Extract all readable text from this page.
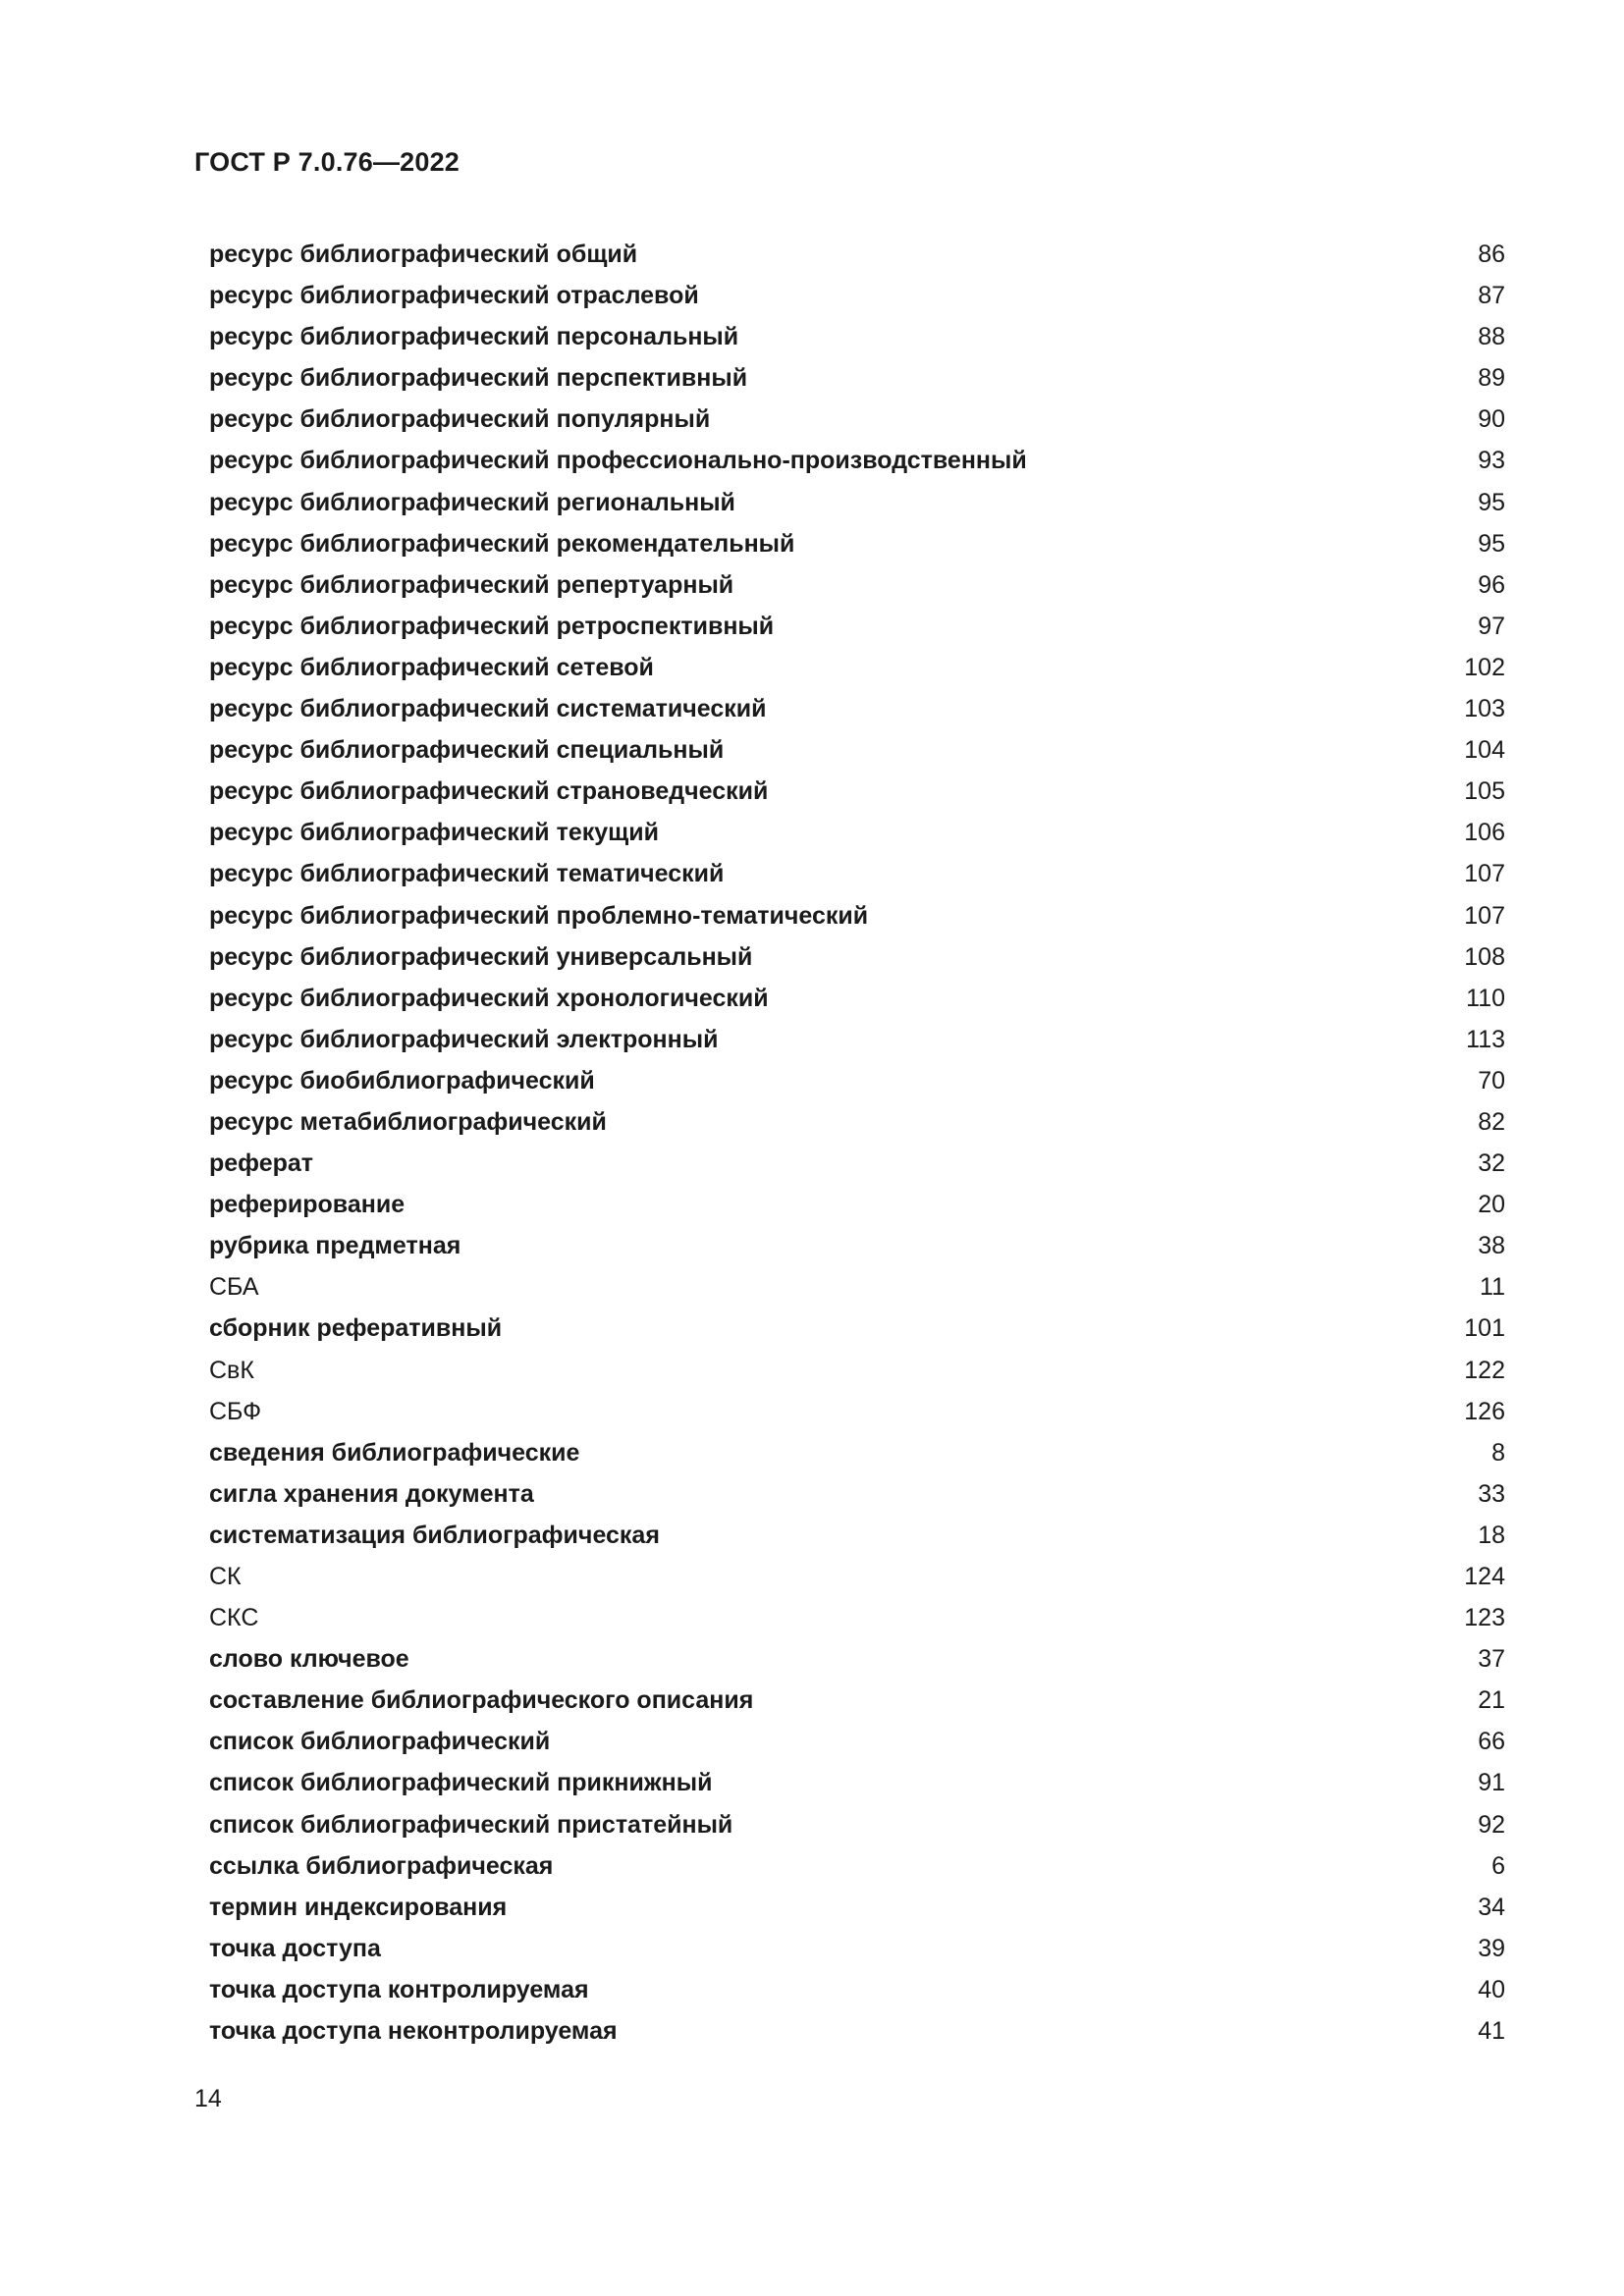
ГОСТ Р 7.0.76—2022
ресурс библиографический общий	86
ресурс библиографический отраслевой	87
ресурс библиографический персональный	88
ресурс библиографический перспективный	89
ресурс библиографический популярный	90
ресурс библиографический профессионально-производственный	93
ресурс библиографический региональный	95
ресурс библиографический рекомендательный	95
ресурс библиографический репертуарный	96
ресурс библиографический ретроспективный	97
ресурс библиографический сетевой	102
ресурс библиографический систематический	103
ресурс библиографический специальный	104
ресурс библиографический страноведческий	105
ресурс библиографический текущий	106
ресурс библиографический тематический	107
ресурс библиографический проблемно-тематический	107
ресурс библиографический универсальный	108
ресурс библиографический хронологический	110
ресурс библиографический электронный	113
ресурс биобиблиографический	70
ресурс метабиблиографический	82
реферат	32
реферирование	20
рубрика предметная	38
СБА	11
сборник реферативный	101
СвК	122
СБФ	126
сведения библиографические	8
сигла хранения документа	33
систематизация библиографическая	18
СК	124
СКС	123
слово ключевое	37
составление библиографического описания	21
список библиографический	66
список библиографический прикнижный	91
список библиографический пристатейный	92
ссылка библиографическая	6
термин индексирования	34
точка доступа	39
точка доступа контролируемая	40
точка доступа неконтролируемая	41
14
